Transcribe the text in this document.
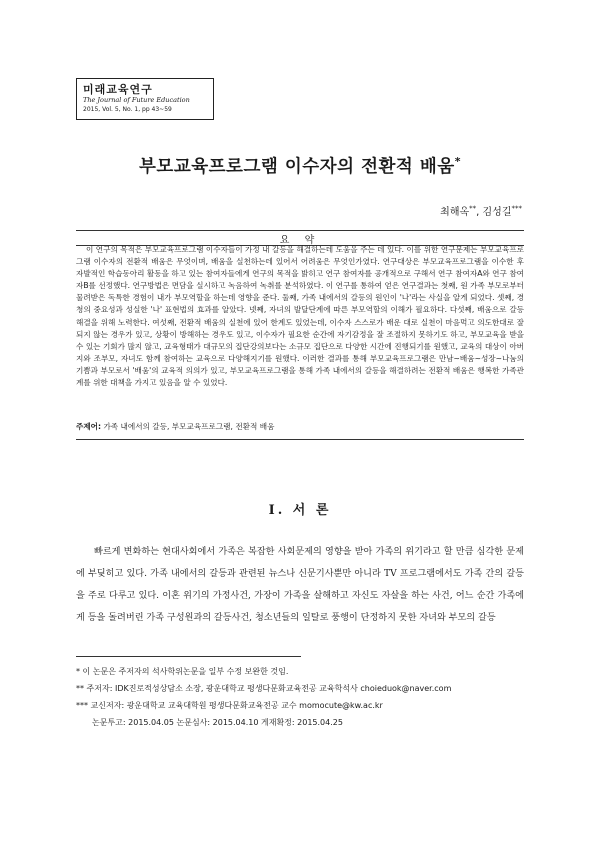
미래교육연구
The Journal of Future Education
2015, Vol. 5, No. 1, pp 43~59
부모교육프로그램 이수자의 전환적 배움*
최해옥**, 김성길***
요 약

이 연구의 목적은 부모교육프로그램 이수자들이 가정 내 갈등을 해결하는데 도움을 주는 데 있다. 이를 위한 연구문제는 부모교육프로그램 이수자의 전환적 배움은 무엇이며, 배움을 실천하는데 있어서 어려움은 무엇인가였다. 연구대상은 부모교육프로그램을 이수한 후 자발적인 학습동아리 활동을 하고 있는 참여자들에게 연구의 목적을 밝히고 연구 참여자를 공개적으로 구해서 연구 참여자A와 연구 참여자B를 선정했다. 연구방법은 면담을 실시하고 녹음하여 녹취를 분석하였다. 이 연구를 통하여 얻은 연구결과는 첫째, 원 가족 부모로부터 물려받은 독특한 경험이 내가 부모역할을 하는데 영향을 준다. 둘째, 가족 내에서의 갈등의 원인이 '나'라는 사실을 알게 되었다. 셋째, 경청의 중요성과 성실한 '나' 표현법의 효과를 알았다. 넷째, 자녀의 발달단계에 따른 부모역할의 이해가 필요하다. 다섯째, 배움으로 갈등해결을 위해 노력한다. 여섯째, 전환적 배움의 실천에 있어 한계도 있었는데, 이수자 스스로가 배운 대로 실천이 마음먹고 의도한대로 잘되지 않는 경우가 있고, 상황이 방해하는 경우도 있고, 이수자가 필요한 순간에 자기감정을 잘 조절하지 못하기도 하고, 부모교육을 받을 수 있는 기회가 많지 않고, 교육형태가 대규모의 집단강의보다는 소규모 집단으로 다양한 시간에 진행되기를 원했고, 교육의 대상이 아버지와 조부모, 자녀도 함께 참여하는 교육으로 다양해지기를 원했다. 이러한 결과를 통해 부모교육프로그램은 만남~배움~성장~나눔의 기쁨과 부모로서 '배움'의 교육적 의의가 있고, 부모교육프로그램을 통해 가족 내에서의 갈등을 해결하려는 전환적 배움은 행복한 가족관계를 위한 대책을 가지고 있음을 알 수 있었다.

주제어: 가족 내에서의 갈등, 부모교육프로그램, 전환적 배움
Ⅰ. 서 론

빠르게 변화하는 현대사회에서 가족은 복잡한 사회문제의 영향을 받아 가족의 위기라고 할 만큼 심각한 문제에 부딪히고 있다. 가족 내에서의 갈등과 관련된 뉴스나 신문기사뿐만 아니라 TV 프로그램에서도 가족 간의 갈등을 주로 다루고 있다. 이혼 위기의 가정사건, 가장이 가족을 살해하고 자신도 자살을 하는 사건, 어느 순간 가족에게 등을 돌려버린 가족 구성원과의 갈등사건, 청소년들의 일탈로 풍행이 단정하지 못한 자녀와 부모의 갈등

* 이 논문은 주저자의 석사학위논문을 일부 수정 보완한 것임.
** 주저자: IDK진로적성상담소 소장, 광운대학교 평생다문화교육전공 교육학석사 choieduok@naver.com
*** 교신저자: 광운대학교 교육대학원 평생다문화교육전공 교수 momocute@kw.ac.kr
논문투고: 2015.04.05 논문심사: 2015.04.10 게재확정: 2015.04.25
